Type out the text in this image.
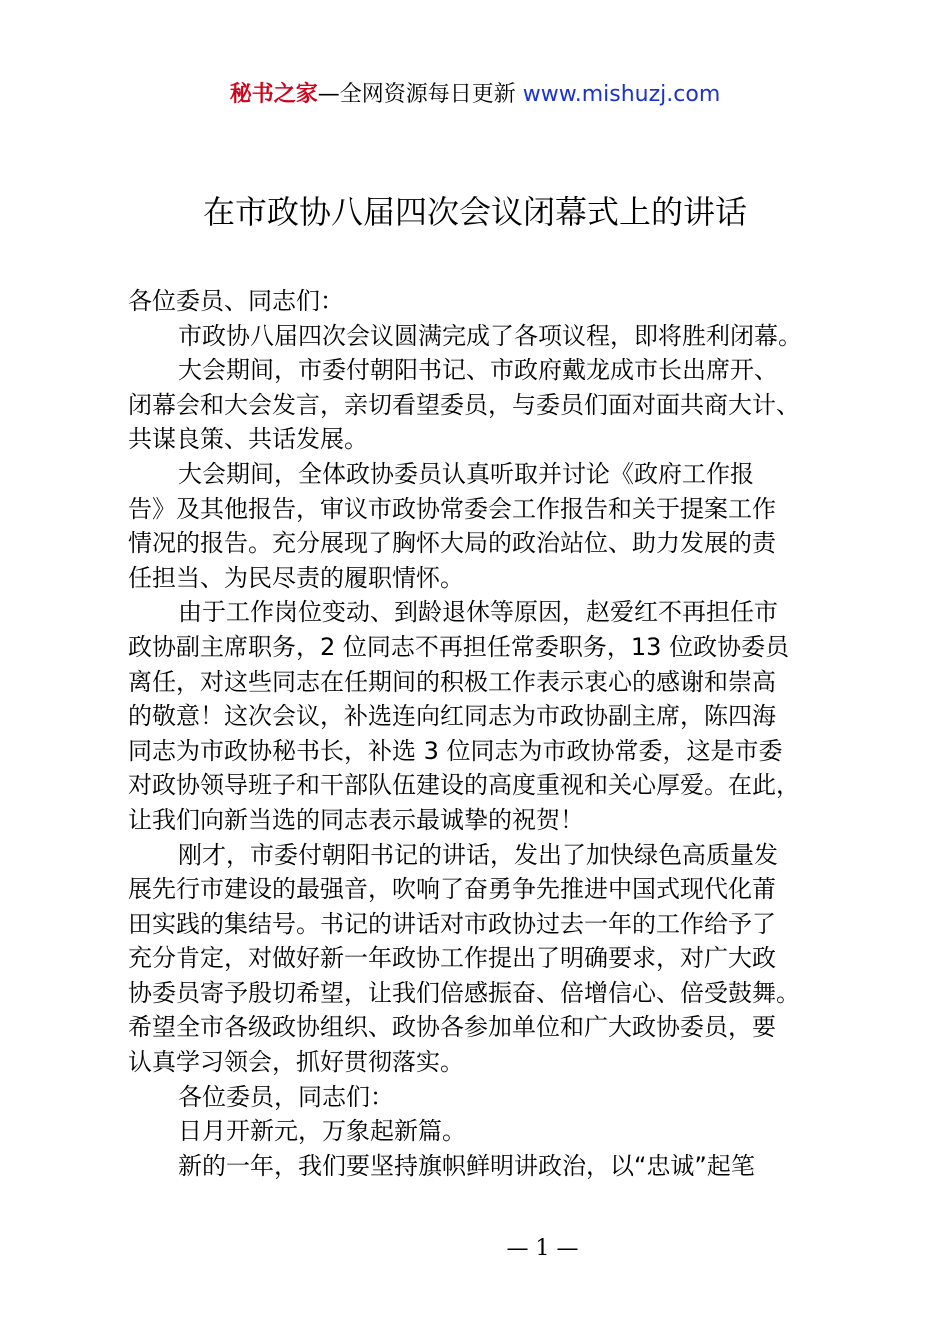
秘书之家—全网资源每日更新 www.mishuzj.com
在市政协八届四次会议闭幕式上的讲话
各位委员、同志们：
市政协八届四次会议圆满完成了各项议程，即将胜利闭幕。
大会期间，市委付朝阳书记、市政府戴龙成市长出席开、
闭幕会和大会发言，亲切看望委员，与委员们面对面共商大计、
共谋良策、共话发展。
大会期间，全体政协委员认真听取并讨论《政府工作报
告》及其他报告，审议市政协常委会工作报告和关于提案工作
情况的报告。充分展现了胸怀大局的政治站位、助力发展的责
任担当、为民尽责的履职情怀。
由于工作岗位变动、到龄退休等原因，赵爱红不再担任市
政协副主席职务，2 位同志不再担任常委职务，13 位政协委员
离任，对这些同志在任期间的积极工作表示衷心的感谢和崇高
的敬意！这次会议，补选连向红同志为市政协副主席，陈四海
同志为市政协秘书长，补选 3 位同志为市政协常委，这是市委
对政协领导班子和干部队伍建设的高度重视和关心厚爱。在此，
让我们向新当选的同志表示最诚挚的祝贺！
刚才，市委付朝阳书记的讲话，发出了加快绿色高质量发
展先行市建设的最强音，吹响了奋勇争先推进中国式现代化莆
田实践的集结号。书记的讲话对市政协过去一年的工作给予了
充分肯定，对做好新一年政协工作提出了明确要求，对广大政
协委员寄予殷切希望，让我们倍感振奋、倍增信心、倍受鼓舞。
希望全市各级政协组织、政协各参加单位和广大政协委员，要
认真学习领会，抓好贯彻落实。
各位委员，同志们：
日月开新元，万象起新篇。
新的一年，我们要坚持旗帜鲜明讲政治，以“忠诚”起笔
— 1 —
